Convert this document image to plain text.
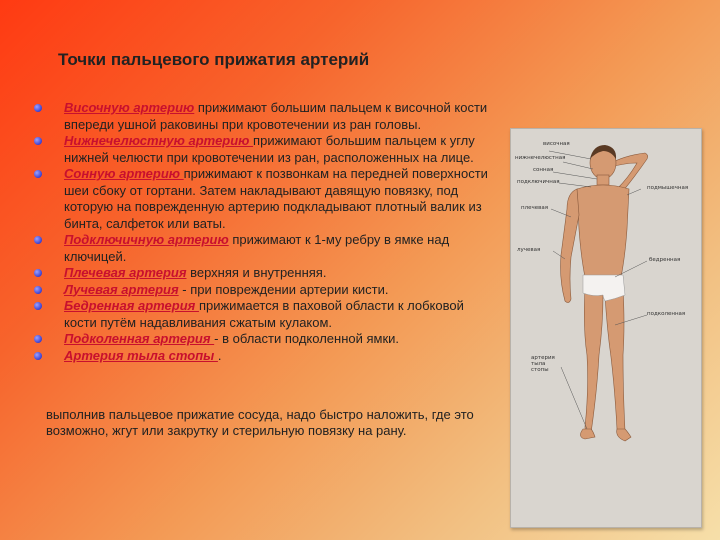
Точки пальцевого прижатия артерий
Височную артерию прижимают большим пальцем к височной кости впереди ушной раковины при кровотечении из ран головы.
Нижнечелюстную артерию прижимают большим пальцем к углу нижней челюсти при кровотечении из ран, расположенных на лице.
Сонную артерию прижимают к позвонкам на передней поверхности шеи сбоку от гортани. Затем накладывают давящую повязку, под которую на поврежденную артерию подкладывают плотный валик из бинта, салфеток или ваты.
Подключичную артерию прижимают к 1-му ребру в ямке над ключицей.
Плечевая артерия верхняя и внутренняя.
Лучевая артерия - при повреждении артерии кисти.
Бедренная артерия прижимается в паховой области к лобковой кости путём надавливания сжатым кулаком.
Подколенная артерия - в области подколенной ямки.
Артерия тыла стопы .
выполнив пальцевое прижатие сосуда, надо быстро наложить, где это возможно, жгут или закрутку и стерильную повязку на рану.
височная
нижнечелюстная
сонная
подключичная
подмышечная
плечевая
лучевая
бедренная
подколенная
артерия тыла стопы
